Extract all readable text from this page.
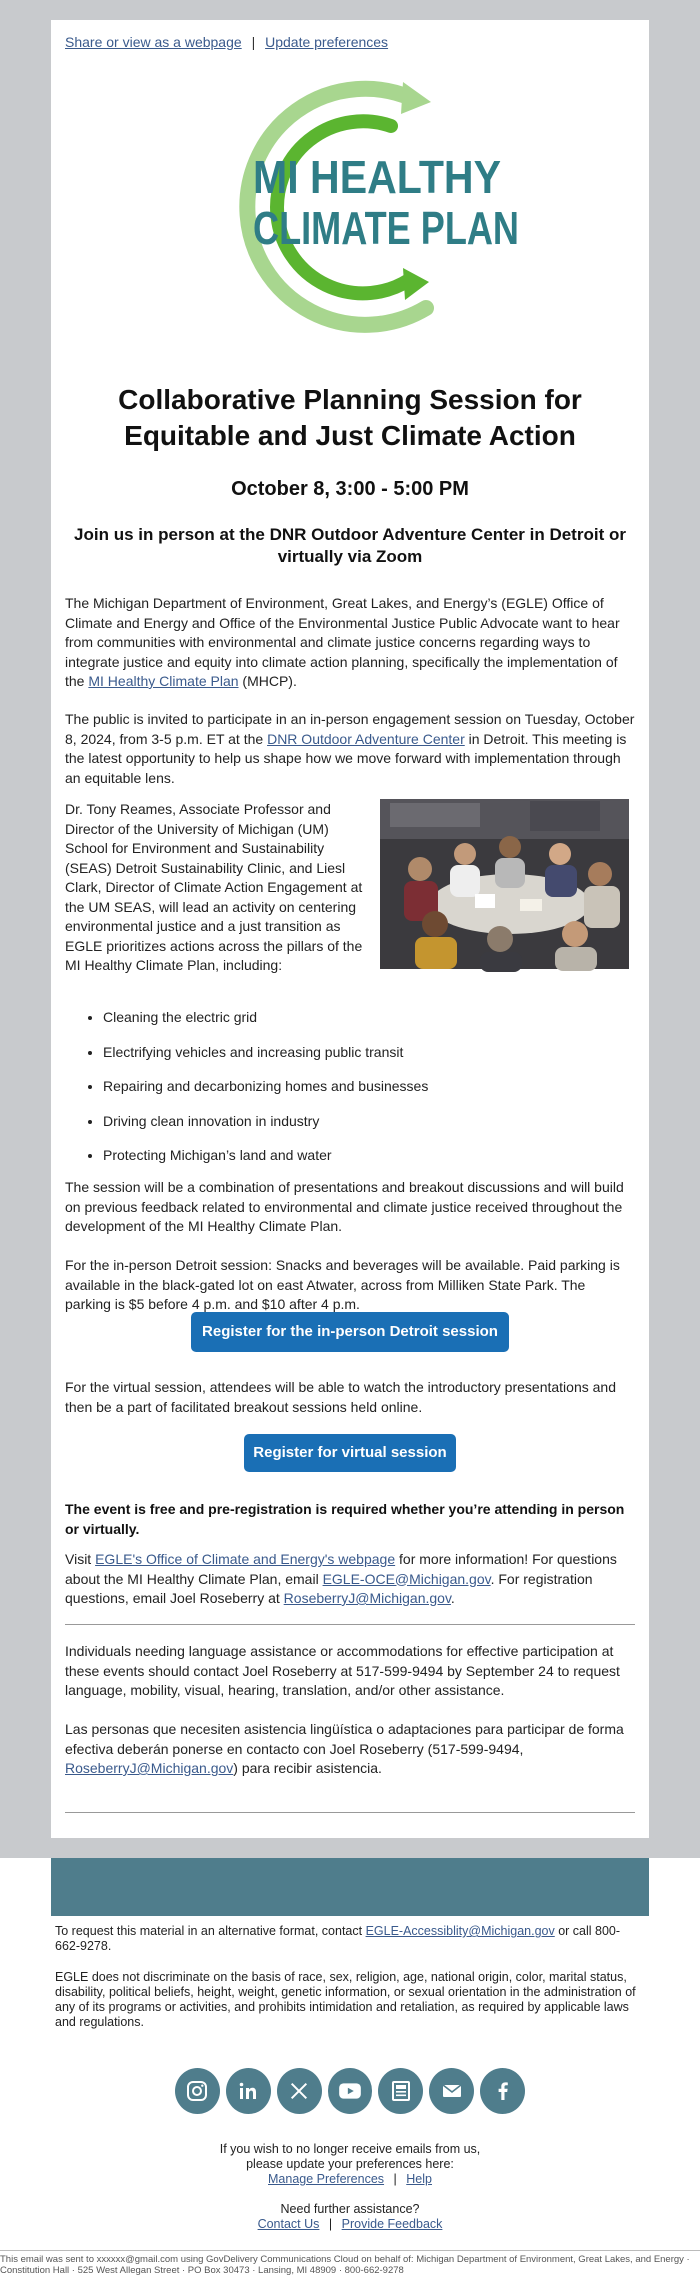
Share or view as a webpage | Update preferences
MI HEALTHY
CLIMATE PLAN
Collaborative Planning Session for Equitable and Just Climate Action
October 8, 3:00 - 5:00 PM
Join us in person at the DNR Outdoor Adventure Center in Detroit or virtually via Zoom
The Michigan Department of Environment, Great Lakes, and Energy’s (EGLE) Office of Climate and Energy and Office of the Environmental Justice Public Advocate want to hear from communities with environmental and climate justice concerns regarding ways to integrate justice and equity into climate action planning, specifically the implementation of the MI Healthy Climate Plan (MHCP).
The public is invited to participate in an in-person engagement session on Tuesday, October 8, 2024, from 3-5 p.m. ET at the DNR Outdoor Adventure Center in Detroit. This meeting is the latest opportunity to help us shape how we move forward with implementation through an equitable lens.
Dr. Tony Reames, Associate Professor and Director of the University of Michigan (UM) School for Environment and Sustainability (SEAS) Detroit Sustainability Clinic, and Liesl Clark, Director of Climate Action Engagement at the UM SEAS, will lead an activity on centering environmental justice and a just transition as EGLE prioritizes actions across the pillars of the MI Healthy Climate Plan, including:
• Cleaning the electric grid
• Electrifying vehicles and increasing public transit
• Repairing and decarbonizing homes and businesses
• Driving clean innovation in industry
• Protecting Michigan’s land and water
The session will be a combination of presentations and breakout discussions and will build on previous feedback related to environmental and climate justice received throughout the development of the MI Healthy Climate Plan.
For the in-person Detroit session: Snacks and beverages will be available. Paid parking is available in the black-gated lot on east Atwater, across from Milliken State Park. The parking is $5 before 4 p.m. and $10 after 4 p.m.
Register for the in-person Detroit session
For the virtual session, attendees will be able to watch the introductory presentations and then be a part of facilitated breakout sessions held online.
Register for virtual session
The event is free and pre-registration is required whether you’re attending in person or virtually.
Visit EGLE's Office of Climate and Energy's webpage for more information! For questions about the MI Healthy Climate Plan, email EGLE-OCE@Michigan.gov. For registration questions, email Joel Roseberry at RoseberryJ@Michigan.gov.
Individuals needing language assistance or accommodations for effective participation at these events should contact Joel Roseberry at 517-599-9494 by September 24 to request language, mobility, visual, hearing, translation, and/or other assistance.
Las personas que necesiten asistencia lingüística o adaptaciones para participar de forma efectiva deberán ponerse en contacto con Joel Roseberry (517-599-9494, RoseberryJ@Michigan.gov) para recibir asistencia.
To request this material in an alternative format, contact EGLE-Accessiblity@Michigan.gov or call 800-662-9278.
EGLE does not discriminate on the basis of race, sex, religion, age, national origin, color, marital status, disability, political beliefs, height, weight, genetic information, or sexual orientation in the administration of any of its programs or activities, and prohibits intimidation and retaliation, as required by applicable laws and regulations.
If you wish to no longer receive emails from us,
please update your preferences here:
Manage Preferences | Help
Need further assistance?
Contact Us | Provide Feedback
This email was sent to xxxxxx@gmail.com using GovDelivery Communications Cloud on behalf of: Michigan Department of Environment, Great Lakes, and Energy · Constitution Hall · 525 West Allegan Street · PO Box 30473 · Lansing, MI 48909 · 800-662-9278
